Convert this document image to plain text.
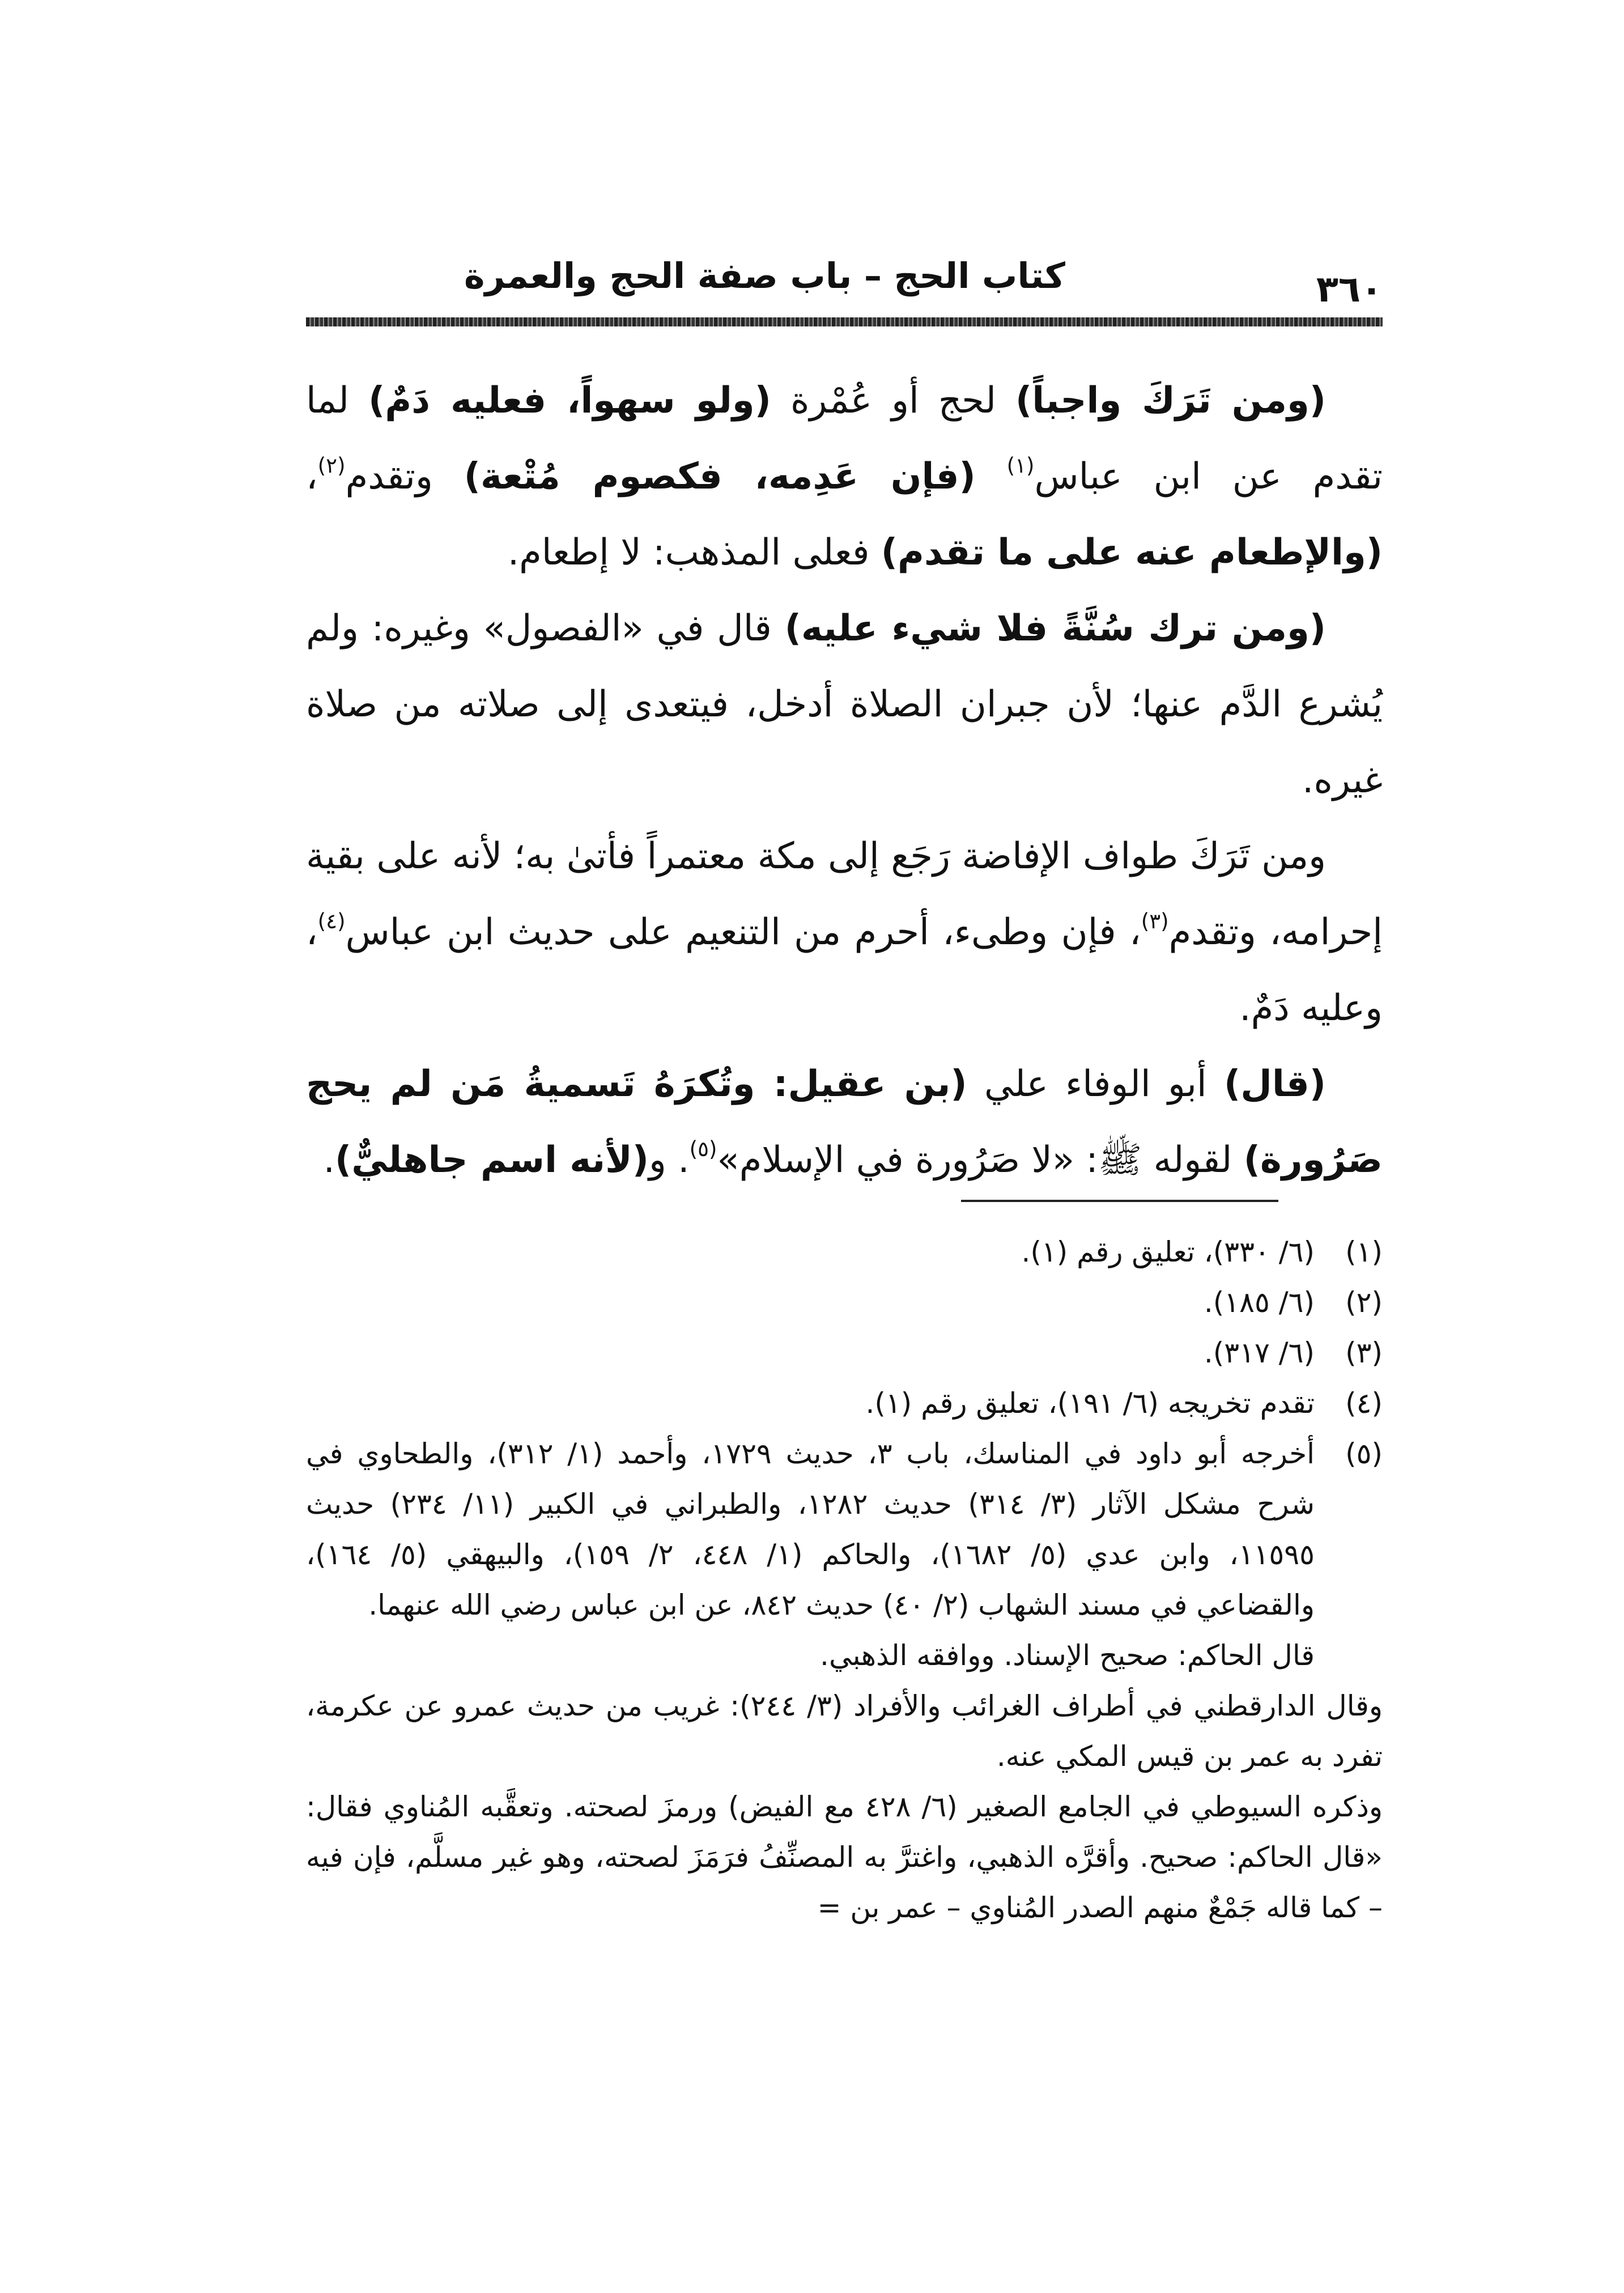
٣٦٠
كتاب الحج – باب صفة الحج والعمرة

(ومن تَرَكَ واجباً) لحج أو عُمْرة (ولو سهواً، فعليه دَمٌ) لما تقدم عن ابن عباس$^{(١)}$ (فإن عَدِمه، فكصوم مُتْعة) وتقدم$^{(٢)}$، (والإطعام عنه على ما تقدم) فعلى المذهب: لا إطعام.

(ومن ترك سُنَّةً فلا شيء عليه) قال في «الفصول» وغيره: ولم يُشرع الدَّم عنها؛ لأن جبران الصلاة أدخل، فيتعدى إلى صلاته من صلاة غيره.

ومن تَرَكَ طواف الإفاضة رَجَع إلى مكة معتمراً فأتىٰ به؛ لأنه على بقية إحرامه، وتقدم$^{(٣)}$، فإن وطىء، أحرم من التنعيم على حديث ابن عباس$^{(٤)}$، وعليه دَمٌ.

(قال) أبو الوفاء علي (بن عقيل: وتُكرَهُ تَسميةُ مَن لم يحج صَرُورة) لقوله ﷺ: «لا صَرُورة في الإسلام»$^{(٥)}$. و(لأنه اسم جاهليٌّ).

(١)
(٦/ ٣٣٠)، تعليق رقم (١).
(٢)
(٦/ ١٨٥).
(٣)
(٦/ ٣١٧).
(٤)
تقدم تخريجه (٦/ ١٩١)، تعليق رقم (١).
(٥)
أخرجه أبو داود في المناسك، باب ٣، حديث ١٧٢٩، وأحمد (١/ ٣١٢)، والطحاوي في شرح مشكل الآثار (٣/ ٣١٤) حديث ١٢٨٢، والطبراني في الكبير (١١/ ٢٣٤) حديث ١١٥٩٥، وابن عدي (٥/ ١٦٨٢)، والحاكم (١/ ٤٤٨، ٢/ ١٥٩)، والبيهقي (٥/ ١٦٤)، والقضاعي في مسند الشهاب (٢/ ٤٠) حديث ٨٤٢، عن ابن عباس رضي الله عنهما.
قال الحاكم: صحيح الإسناد. ووافقه الذهبي.
وقال الدارقطني في أطراف الغرائب والأفراد (٣/ ٢٤٤): غريب من حديث عمرو عن عكرمة، تفرد به عمر بن قيس المكي عنه.
وذكره السيوطي في الجامع الصغير (٦/ ٤٢٨ مع الفيض) ورمزَ لصحته. وتعقَّبه المُناوي فقال: «قال الحاكم: صحيح. وأقرَّه الذهبي، واغترَّ به المصنِّفُ فرَمَزَ لصحته، وهو غير مسلَّم، فإن فيه – كما قاله جَمْعٌ منهم الصدر المُناوي – عمر بن =
